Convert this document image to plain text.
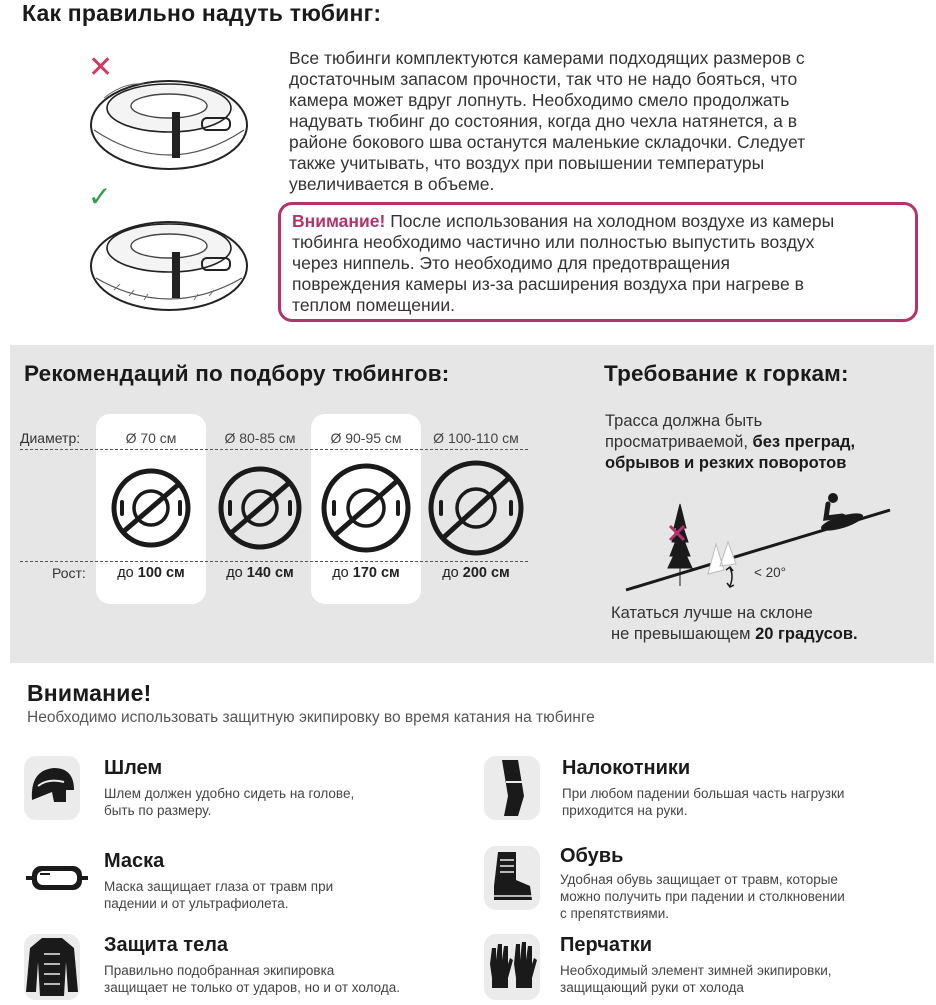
Как правильно надуть тюбинг:
✕
✓
Все тюбинги комплектуются камерами подходящих размеров с
достаточным запасом прочности, так что не надо бояться, что
камера может вдруг лопнуть. Необходимо смело продолжать
надувать тюбинг до состояния, когда дно чехла натянется, а в
районе бокового шва останутся маленькие складочки. Следует
также учитывать, что воздух при повышении температуры
увеличивается в объеме.
Внимание! После использования на холодном воздухе из камеры
тюбинга необходимо частично или полностью выпустить воздух
через ниппель. Это необходимо для предотвращения
повреждения камеры из-за расширения воздуха при нагреве в
теплом помещении.
Рекомендаций по подбору тюбингов:
Диаметр:
Рост:
Ø 70 см	Ø 80-85 см	Ø 90-95 см	Ø 100-110 см
до 100 см	до 140 см	до 170 см	до 200 см
Требование к горкам:
Трасса должна быть
просматриваемой, без преград,
обрывов и резких поворотов
< 20°
Кататься лучше на склоне
не превышающем 20 градусов.
Внимание!
Необходимо использовать защитную экипировку во время катания на тюбинге
Шлем
Шлем должен удобно сидеть на голове,
быть по размеру.
Налокотники
При любом падении большая часть нагрузки
приходится на руки.
Маска
Маска защищает глаза от травм при
падении и от ультрафиолета.
Обувь
Удобная обувь защищает от травм, которые
можно получить при падении и столкновении
с препятствиями.
Защита тела
Правильно подобранная экипировка
защищает не только от ударов, но и от холода.
Перчатки
Необходимый элемент зимней экипировки,
защищающий руки от холода
